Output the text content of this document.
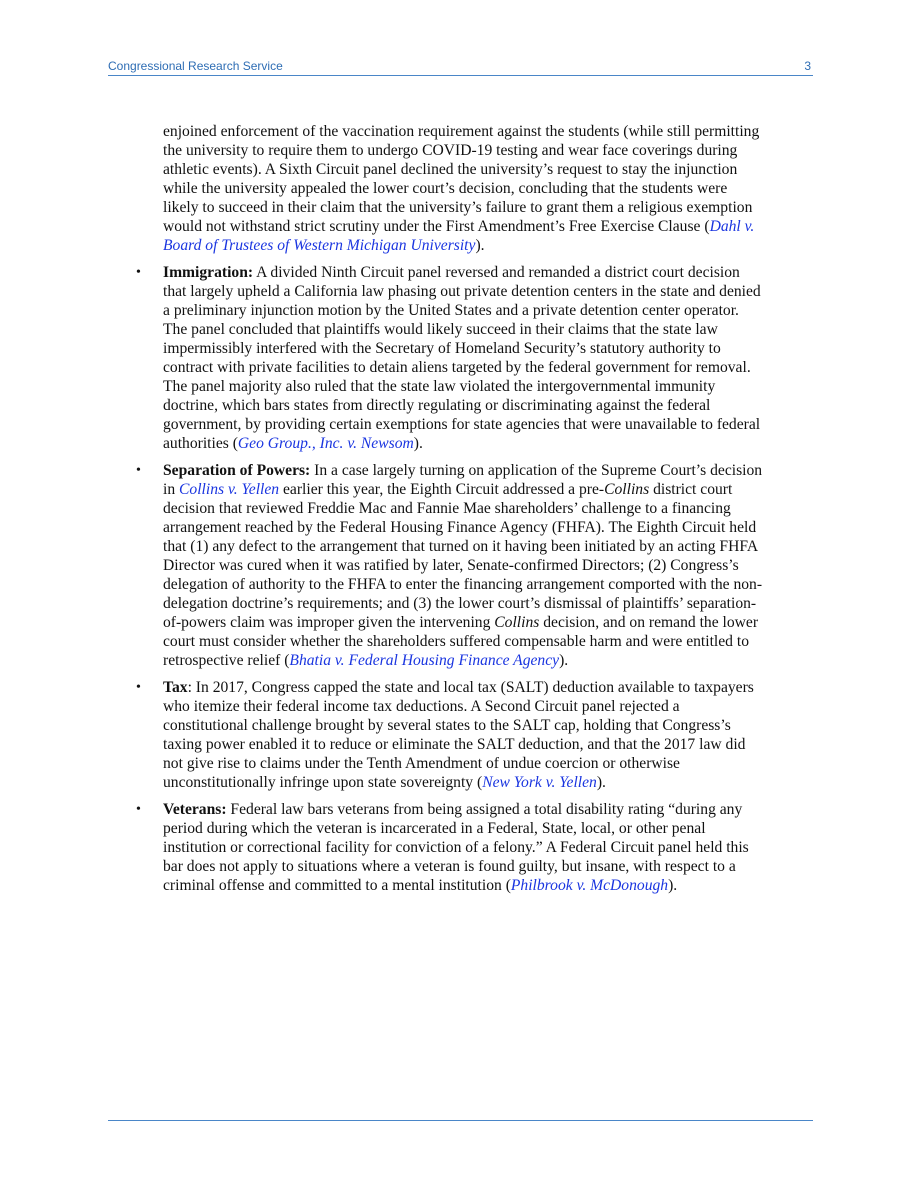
Congressional Research Service	3

enjoined enforcement of the vaccination requirement against the students (while still permitting the university to require them to undergo COVID-19 testing and wear face coverings during athletic events). A Sixth Circuit panel declined the university’s request to stay the injunction while the university appealed the lower court’s decision, concluding that the students were likely to succeed in their claim that the university’s failure to grant them a religious exemption would not withstand strict scrutiny under the First Amendment’s Free Exercise Clause (Dahl v. Board of Trustees of Western Michigan University).

• Immigration: A divided Ninth Circuit panel reversed and remanded a district court decision that largely upheld a California law phasing out private detention centers in the state and denied a preliminary injunction motion by the United States and a private detention center operator. The panel concluded that plaintiffs would likely succeed in their claims that the state law impermissibly interfered with the Secretary of Homeland Security’s statutory authority to contract with private facilities to detain aliens targeted by the federal government for removal. The panel majority also ruled that the state law violated the intergovernmental immunity doctrine, which bars states from directly regulating or discriminating against the federal government, by providing certain exemptions for state agencies that were unavailable to federal authorities (Geo Group., Inc. v. Newsom).
• Separation of Powers: In a case largely turning on application of the Supreme Court’s decision in Collins v. Yellen earlier this year, the Eighth Circuit addressed a pre-Collins district court decision that reviewed Freddie Mac and Fannie Mae shareholders’ challenge to a financing arrangement reached by the Federal Housing Finance Agency (FHFA). The Eighth Circuit held that (1) any defect to the arrangement that turned on it having been initiated by an acting FHFA Director was cured when it was ratified by later, Senate-confirmed Directors; (2) Congress’s delegation of authority to the FHFA to enter the financing arrangement comported with the non-delegation doctrine’s requirements; and (3) the lower court’s dismissal of plaintiffs’ separation-of-powers claim was improper given the intervening Collins decision, and on remand the lower court must consider whether the shareholders suffered compensable harm and were entitled to retrospective relief (Bhatia v. Federal Housing Finance Agency).
• Tax: In 2017, Congress capped the state and local tax (SALT) deduction available to taxpayers who itemize their federal income tax deductions. A Second Circuit panel rejected a constitutional challenge brought by several states to the SALT cap, holding that Congress’s taxing power enabled it to reduce or eliminate the SALT deduction, and that the 2017 law did not give rise to claims under the Tenth Amendment of undue coercion or otherwise unconstitutionally infringe upon state sovereignty (New York v. Yellen).
• Veterans: Federal law bars veterans from being assigned a total disability rating “during any period during which the veteran is incarcerated in a Federal, State, local, or other penal institution or correctional facility for conviction of a felony.” A Federal Circuit panel held this bar does not apply to situations where a veteran is found guilty, but insane, with respect to a criminal offense and committed to a mental institution (Philbrook v. McDonough).
